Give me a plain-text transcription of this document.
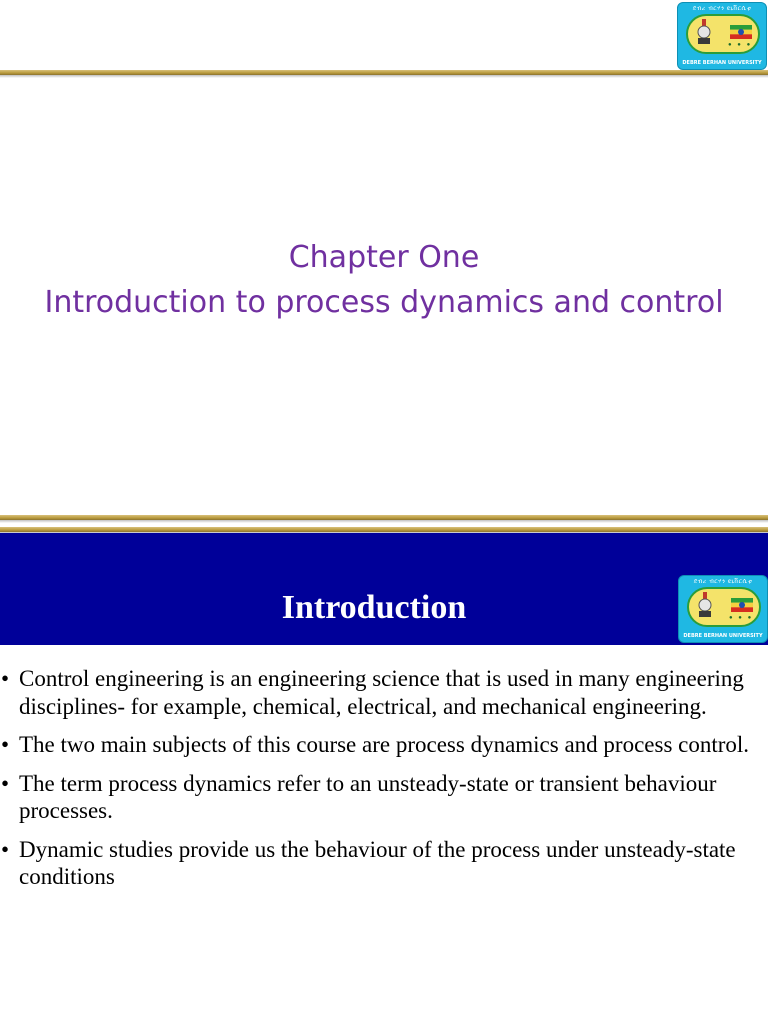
ደብረ ብርሃን ዩኒቨርሲቲ
● ● ●
DEBRE BERHAN UNIVERSITY
Chapter One
Introduction to process dynamics and control
Introduction
ደብረ ብርሃን ዩኒቨርሲቲ
● ● ●
DEBRE BERHAN UNIVERSITY
• Control engineering is an engineering science that is used in many engineering disciplines- for example, chemical, electrical, and mechanical engineering.
• The two main subjects of this course are process dynamics and process control.
• The term process dynamics refer to an unsteady-state or transient behaviour processes.
• Dynamic studies provide us the behaviour of the process under unsteady-state conditions
